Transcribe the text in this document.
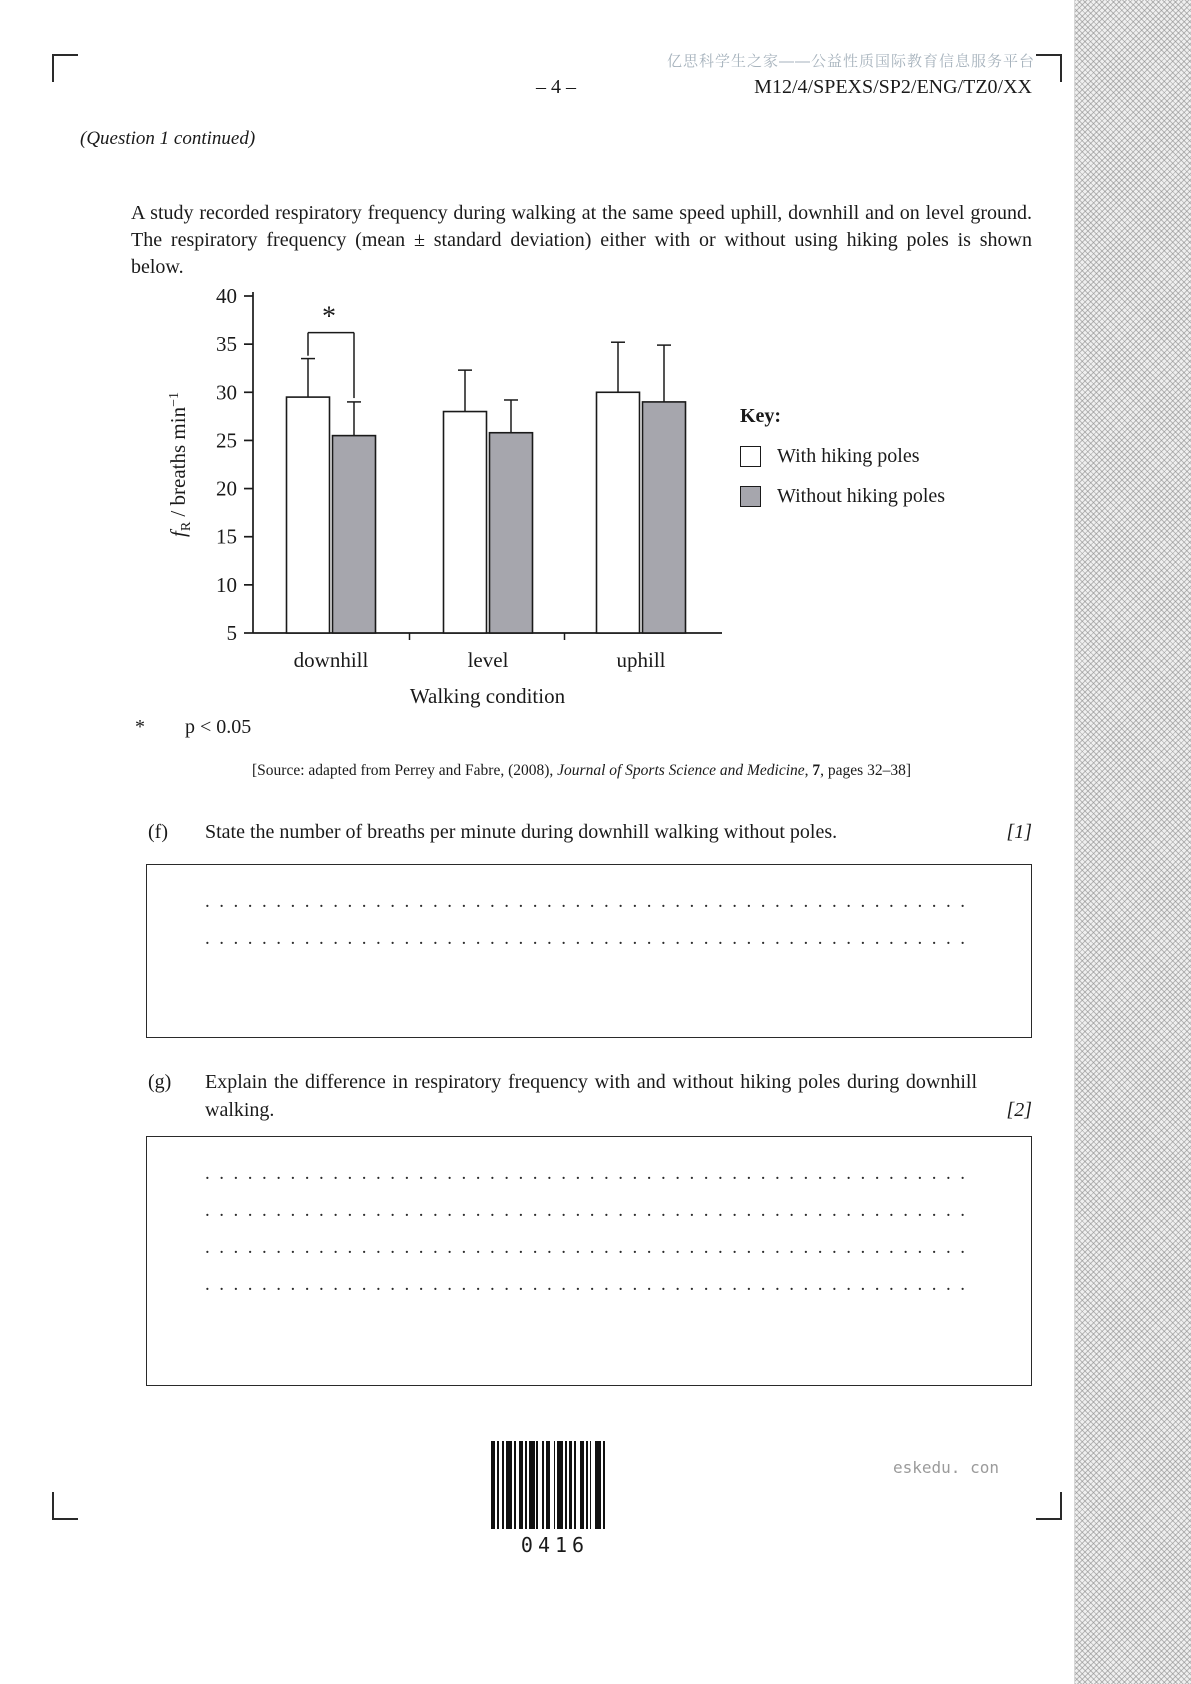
亿思科学生之家——公益性质国际教育信息服务平台
– 4 –	M12/4/SPEXS/SP2/ENG/TZ0/XX
(Question 1 continued)

A study recorded respiratory frequency during walking at the same speed uphill, downhill and on level ground. The respiratory frequency (mean ± standard deviation) either with or without using hiking poles is shown below.

5
10
15
20
25
30
35
40
downhill	level	uphill
Walking condition
$f_R$ / breaths $\min^{-1}$
*
Key:
With hiking poles
Without hiking poles
* p < 0.05
[Source: adapted from Perrey and Fabre, (2008), Journal of Sports Science and Medicine, 7, pages 32–38]
(f) State the number of breaths per minute during downhill walking without poles.	[1]
......................................................
......................................................
(g) Explain the difference in respiratory frequency with and without hiking poles during downhill walking.	[2]
......................................................
......................................................
......................................................
......................................................
0416
eskedu. con
